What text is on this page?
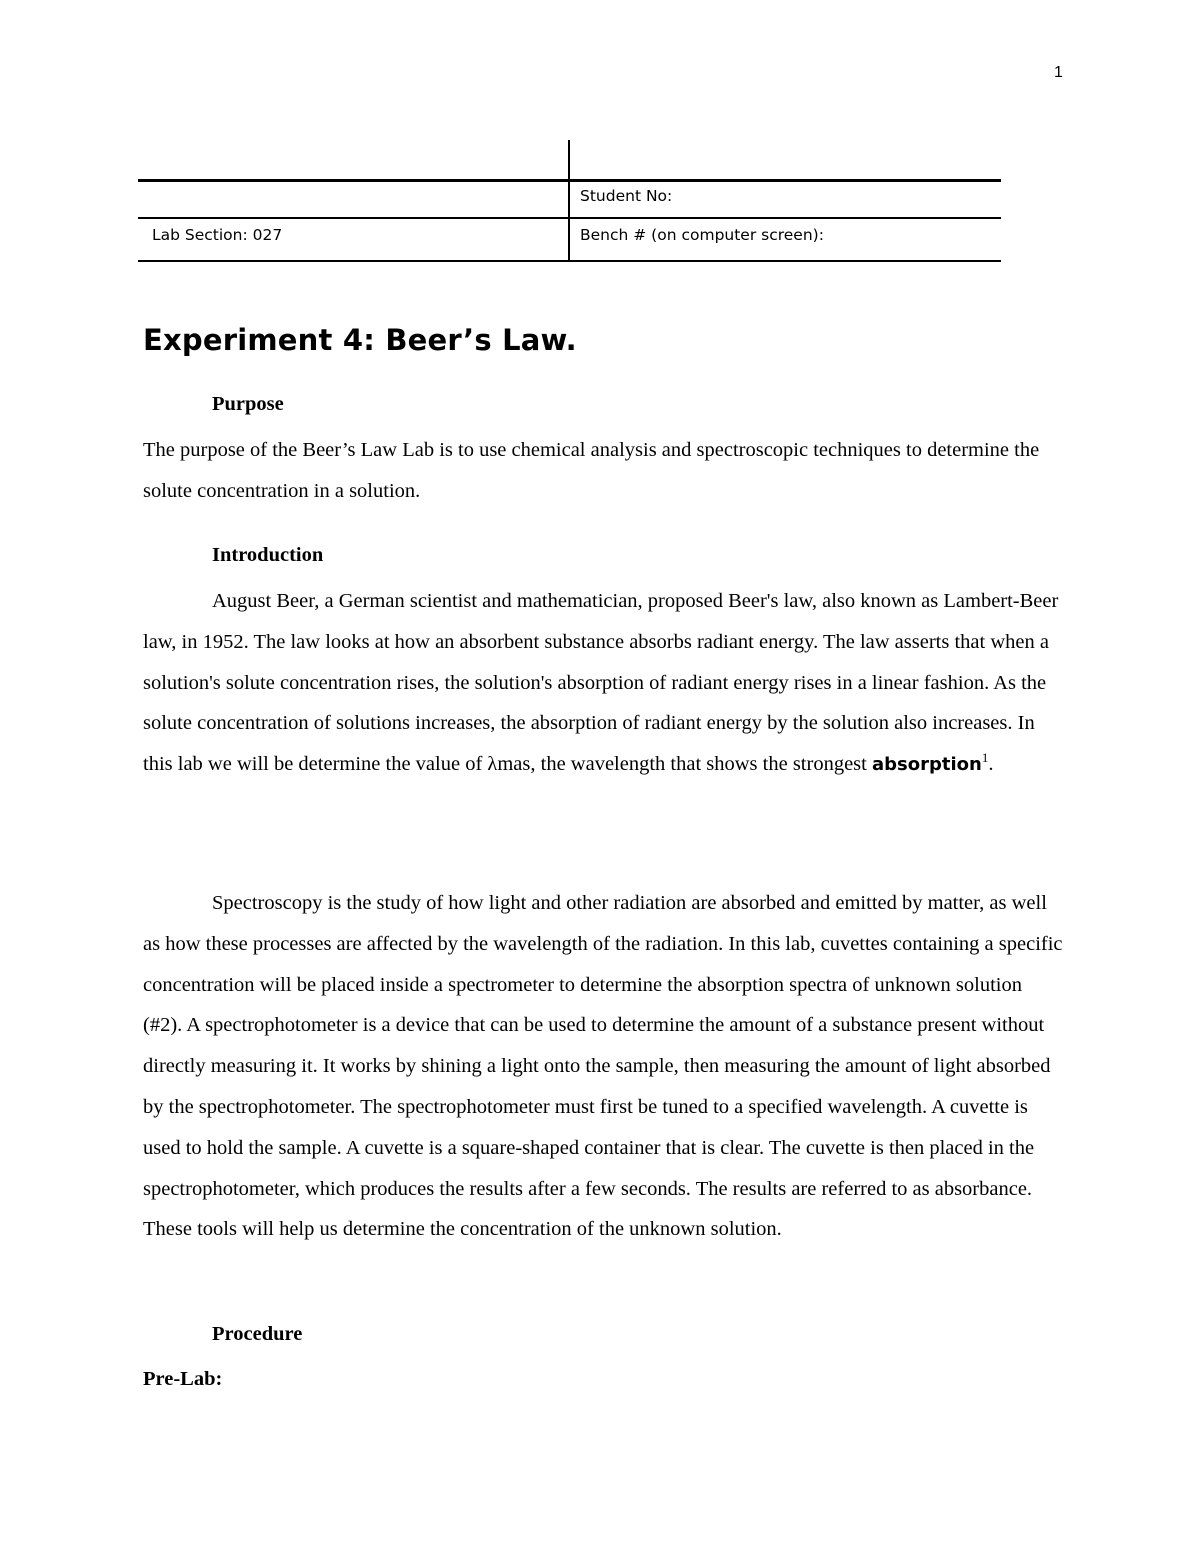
1
Student No:
Lab Section: 027	Bench # (on computer screen):
Experiment 4: Beer’s Law.
Purpose

The purpose of the Beer’s Law Lab is to use chemical analysis and spectroscopic techniques to determine the solute concentration in a solution.

Introduction

August Beer, a German scientist and mathematician, proposed Beer's law, also known as Lambert-Beer law, in 1952. The law looks at how an absorbent substance absorbs radiant energy. The law asserts that when a solution's solute concentration rises, the solution's absorption of radiant energy rises in a linear fashion. As the solute concentration of solutions increases, the absorption of radiant energy by the solution also increases. In this lab we will be determine the value of λmas, the wavelength that shows the strongest absorption$^1$.

Spectroscopy is the study of how light and other radiation are absorbed and emitted by matter, as well as how these processes are affected by the wavelength of the radiation. In this lab, cuvettes containing a specific concentration will be placed inside a spectrometer to determine the absorption spectra of unknown solution (#2). A spectrophotometer is a device that can be used to determine the amount of a substance present without directly measuring it. It works by shining a light onto the sample, then measuring the amount of light absorbed by the spectrophotometer. The spectrophotometer must first be tuned to a specified wavelength. A cuvette is used to hold the sample. A cuvette is a square-shaped container that is clear. The cuvette is then placed in the spectrophotometer, which produces the results after a few seconds. The results are referred to as absorbance. These tools will help us determine the concentration of the unknown solution.

Procedure
Pre-Lab:
